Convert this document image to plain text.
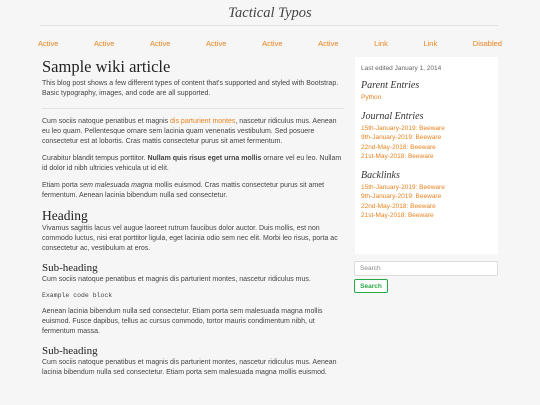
Tactical Typos
Active	Active	Active	Active	Active	Active	Link	Link	Disabled
Sample wiki article

This blog post shows a few different types of content that's supported and styled with Bootstrap. Basic typography, images, and code are all supported.

Cum sociis natoque penatibus et magnis dis parturient montes, nascetur ridiculus mus. Aenean eu leo quam. Pellentesque ornare sem lacinia quam venenatis vestibulum. Sed posuere consectetur est at lobortis. Cras mattis consectetur purus sit amet fermentum.

Curabitur blandit tempus porttitor. Nullam quis risus eget urna mollis ornare vel eu leo. Nullam id dolor id nibh ultricies vehicula ut id elit.

Etiam porta sem malesuada magna mollis euismod. Cras mattis consectetur purus sit amet fermentum. Aenean lacinia bibendum nulla sed consectetur.

Heading

Vivamus sagittis lacus vel augue laoreet rutrum faucibus dolor auctor. Duis mollis, est non commodo luctus, nisi erat porttitor ligula, eget lacinia odio sem nec elit. Morbi leo risus, porta ac consectetur ac, vestibulum at eros.

Sub-heading

Cum sociis natoque penatibus et magnis dis parturient montes, nascetur ridiculus mus.

Example code block

Aenean lacinia bibendum nulla sed consectetur. Etiam porta sem malesuada magna mollis euismod. Fusce dapibus, tellus ac cursus commodo, tortor mauris condimentum nibh, ut fermentum massa.

Sub-heading

Cum sociis natoque penatibus et magnis dis parturient montes, nascetur ridiculus mus. Aenean lacinia bibendum nulla sed consectetur. Etiam porta sem malesuada magna mollis euismod.

Last edited January 1, 2014
Parent Entries
Python
Journal Entries
15th-January-2019: Beeware
9th-January-2019: Beeware
22nd-May-2018: Beeware
21st-May-2018: Beeware
Backlinks
15th-January-2019: Beeware
9th-January-2019: Beeware
22nd-May-2018: Beeware
21st-May-2018: Beeware
Search
Search
